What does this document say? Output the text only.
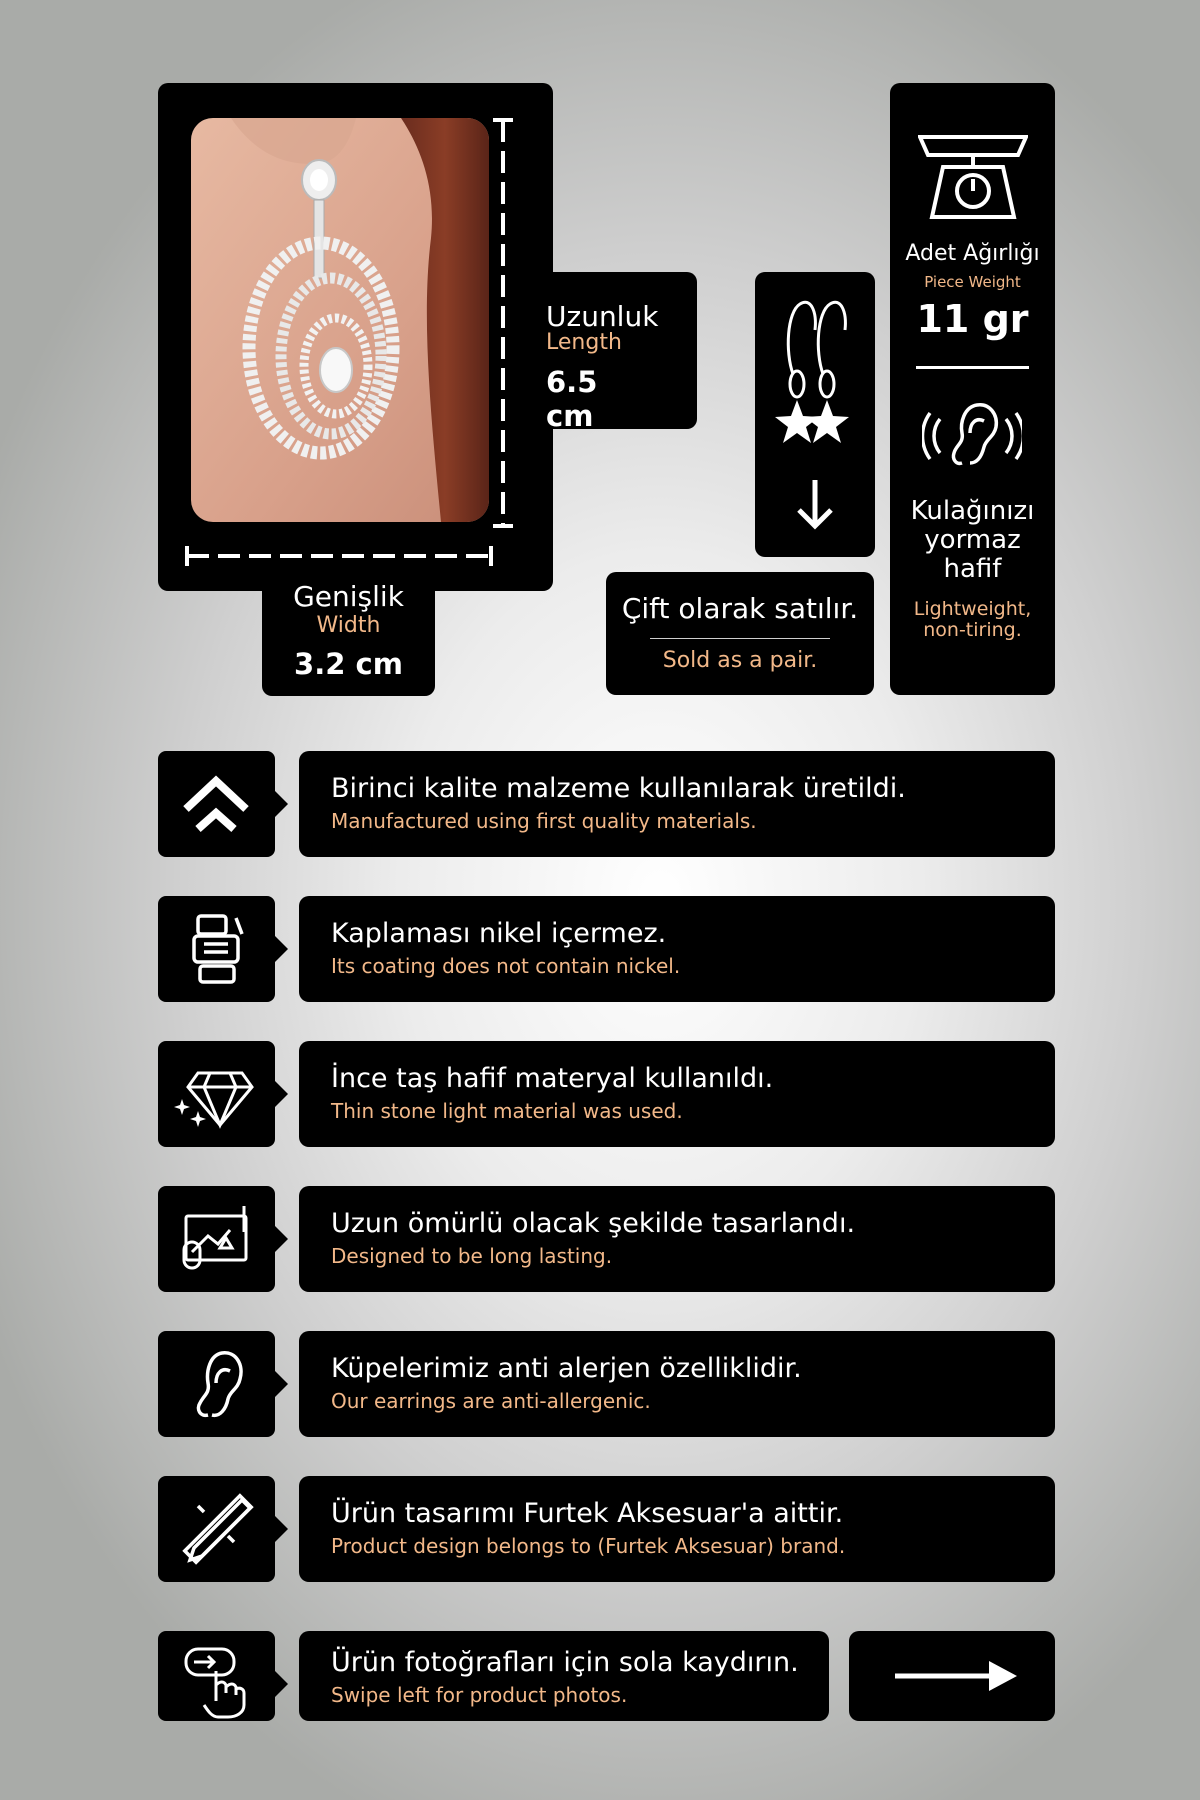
Uzunluk
Length
6.5 cm
Genişlik
Width
3.2 cm
Çift olarak satılır.
Sold as a pair.
Adet Ağırlığı
Piece Weight
11 gr
Kulağınızı
yormaz
hafif
Lightweight,
non-tiring.
Birinci kalite malzeme kullanılarak üretildi.
Manufactured using first quality materials.
Kaplaması nikel içermez.
Its coating does not contain nickel.
İnce taş hafif materyal kullanıldı.
Thin stone light material was used.
Uzun ömürlü olacak şekilde tasarlandı.
Designed to be long lasting.
Küpelerimiz anti alerjen özelliklidir.
Our earrings are anti-allergenic.
Ürün tasarımı Furtek Aksesuar'a aittir.
Product design belongs to (Furtek Aksesuar) brand.
Ürün fotoğrafları için sola kaydırın.
Swipe left for product photos.
